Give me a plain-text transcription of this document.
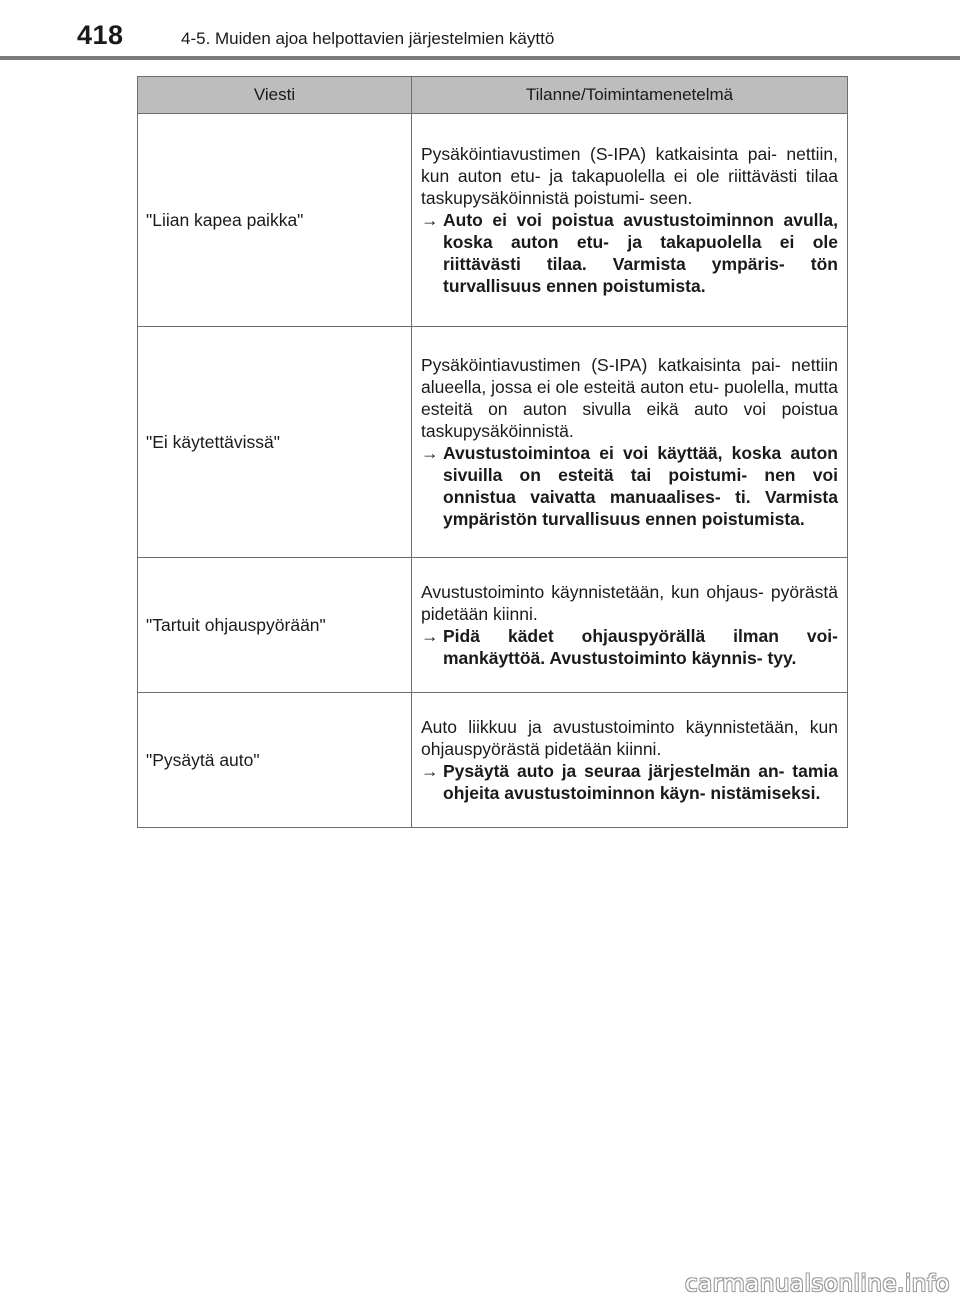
418	4-5. Muiden ajoa helpottavien järjestelmien käyttö
Viesti	Tilanne/Toimintamenetelmä
"Liian kapea paikka"	Pysäköintiavustimen (S-IPA) katkaisinta pai- nettiin, kun auton etu- ja takapuolella ei ole riittävästi tilaa taskupysäköinnistä poistumi- seen.

→ Auto ei voi poistua avustustoiminnon avulla, koska auton etu- ja takapuolella ei ole riittävästi tilaa. Varmista ympäris- tön turvallisuus ennen poistumista.

"Ei käytettävissä"	Pysäköintiavustimen (S-IPA) katkaisinta pai- nettiin alueella, jossa ei ole esteitä auton etu- puolella, mutta esteitä on auton sivulla eikä auto voi poistua taskupysäköinnistä.

→ Avustustoimintoa ei voi käyttää, koska auton sivuilla on esteitä tai poistumi- nen voi onnistua vaivatta manuaalises- ti. Varmista ympäristön turvallisuus ennen poistumista.

"Tartuit ohjauspyörään"	Avustustoiminto käynnistetään, kun ohjaus- pyörästä pidetään kiinni.

→ Pidä kädet ohjauspyörällä ilman voi- mankäyttöä. Avustustoiminto käynnis- tyy.

"Pysäytä auto"	Auto liikkuu ja avustustoiminto käynnistetään, kun ohjauspyörästä pidetään kiinni.

→ Pysäytä auto ja seuraa järjestelmän an- tamia ohjeita avustustoiminnon käyn- nistämiseksi.
carmanualsonline.info
